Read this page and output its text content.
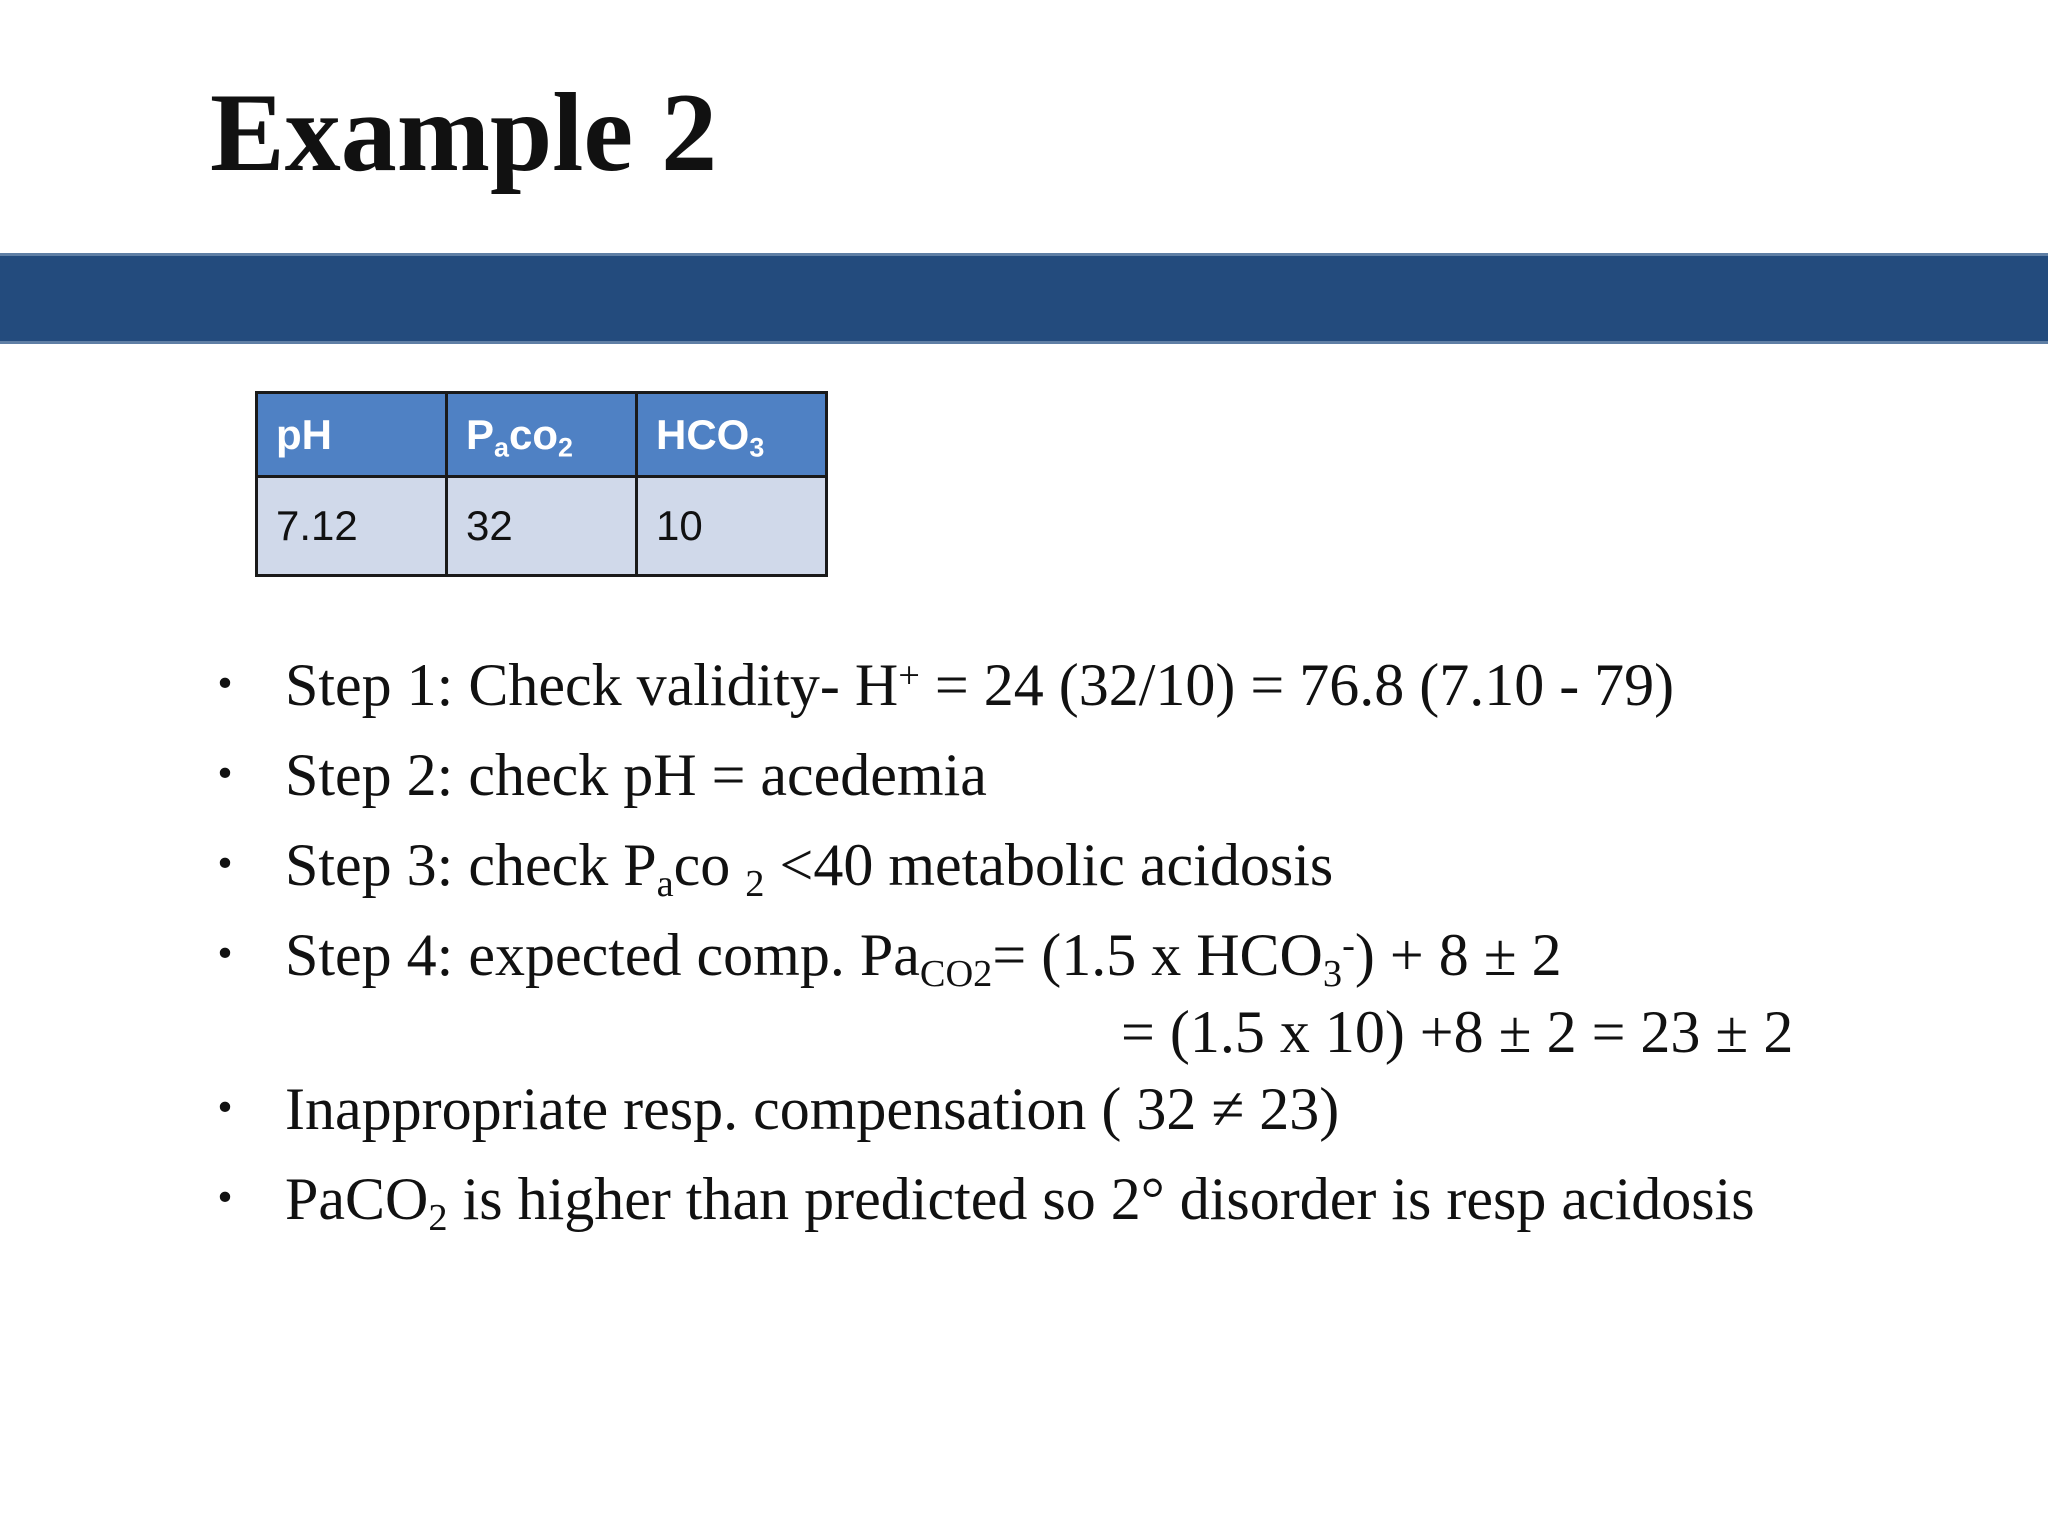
Example 2
pH	$P_aco_2$	$HCO_3$
7.12	32	10
• Step 1: Check validity- H+ = 24 (32/10) = 76.8 (7.10 - 79)
• Step 2: check pH = acedemia
• Step 3: check $P_aco$ $_2$ <40 metabolic acidosis
• Step 4: expected comp. $Pa_{CO2}= (1.5$ x $HCO_3^-) + 8 \pm 2$
= (1.5 x 10) +8 ± 2 = 23 ± 2
• Inappropriate resp. compensation ( 32 ≠ 23)
• PaCO$_2$ is higher than predicted so 2° disorder is resp acidosis
